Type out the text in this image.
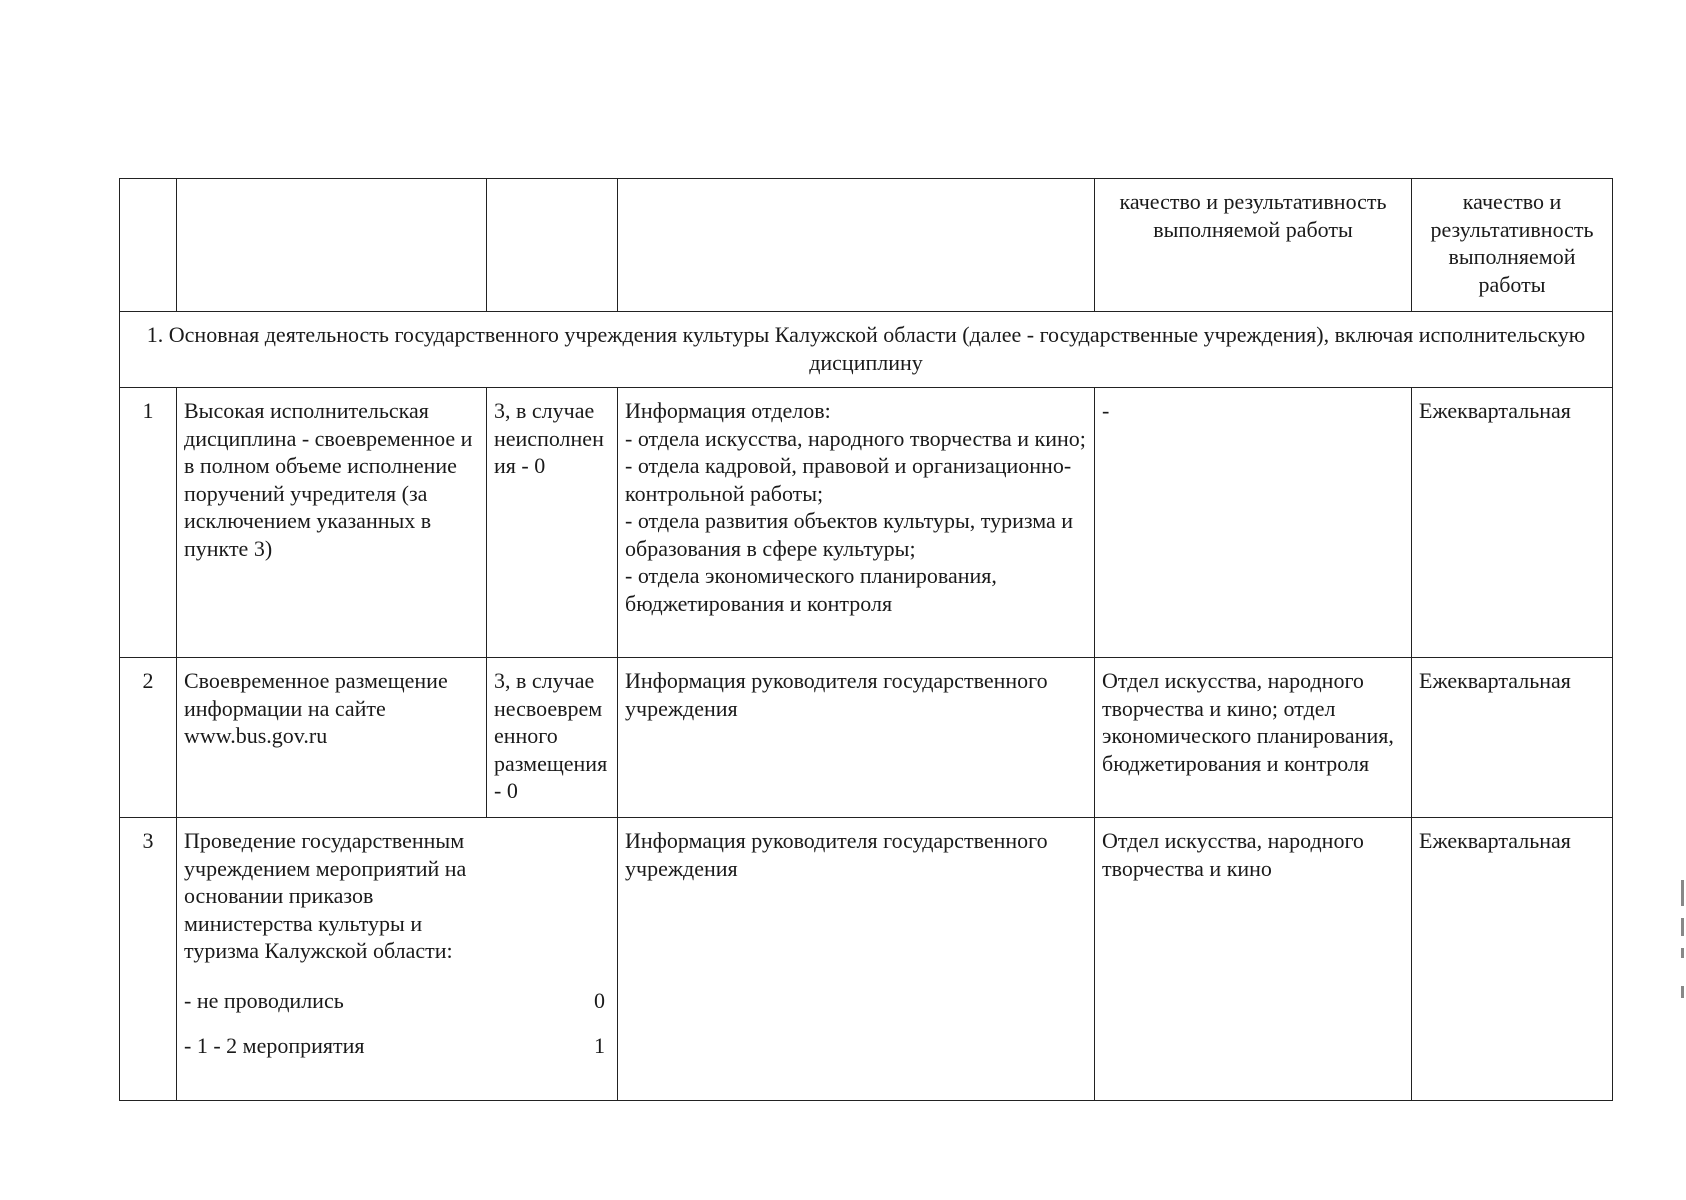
				качество и результативность выполняемой работы	качество и результативность выполняемой работы
1. Основная деятельность государственного учреждения культуры Калужской области (далее - государственные учреждения), включая исполнительскую дисциплину					
1	Высокая исполнительская дисциплина - своевременное и в полном объеме исполнение поручений учредителя (за исключением указанных в пункте 3)	3, в случае неисполнения - 0	Информация отделов:
- отдела искусства, народного творчества и кино;
- отдела кадровой, правовой и организационно-контрольной работы;
- отдела развития объектов культуры, туризма и образования в сфере культуры;
- отдела экономического планирования, бюджетирования и контроля	-	Ежеквартальная
2	Своевременное размещение информации на сайте www.bus.gov.ru	3, в случае несвоевременного размещения - 0	Информация руководителя государственного учреждения	Отдел искусства, народного творчества и кино; отдел экономического планирования, бюджетирования и контроля	Ежеквартальная
3	Проведение государственным учреждением мероприятий на основании приказов министерства культуры и туризма Калужской области:
- не проводились 0
- 1 - 2 мероприятия 1		Информация руководителя государственного учреждения	Отдел искусства, народного творчества и кино	Ежеквартальная
